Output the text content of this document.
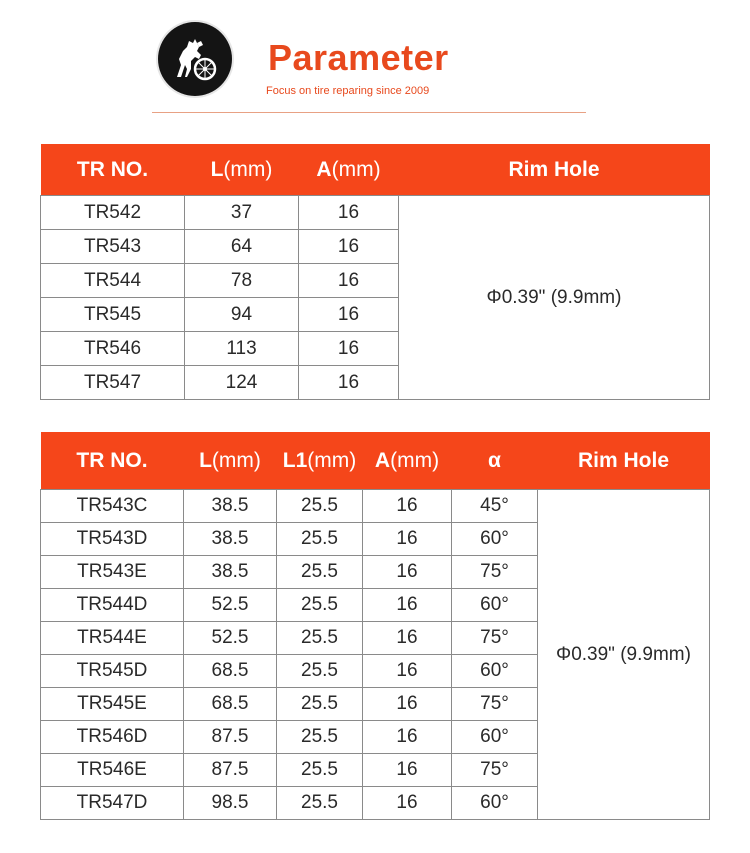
Parameter
Focus on tire reparing since 2009
TR NO.	L(mm)	A(mm)	Rim Hole
TR542	37	16	Φ0.39" (9.9mm)
TR543	64	16	
TR544	78	16	
TR545	94	16	
TR546	113	16	
TR547	124	16	
TR NO.	L(mm)	L1(mm)	A(mm)	α	Rim Hole
TR543C	38.5	25.5	16	45°	Φ0.39" (9.9mm)
TR543D	38.5	25.5	16	60°	
TR543E	38.5	25.5	16	75°	
TR544D	52.5	25.5	16	60°	
TR544E	52.5	25.5	16	75°	
TR545D	68.5	25.5	16	60°	
TR545E	68.5	25.5	16	75°	
TR546D	87.5	25.5	16	60°	
TR546E	87.5	25.5	16	75°	
TR547D	98.5	25.5	16	60°	
